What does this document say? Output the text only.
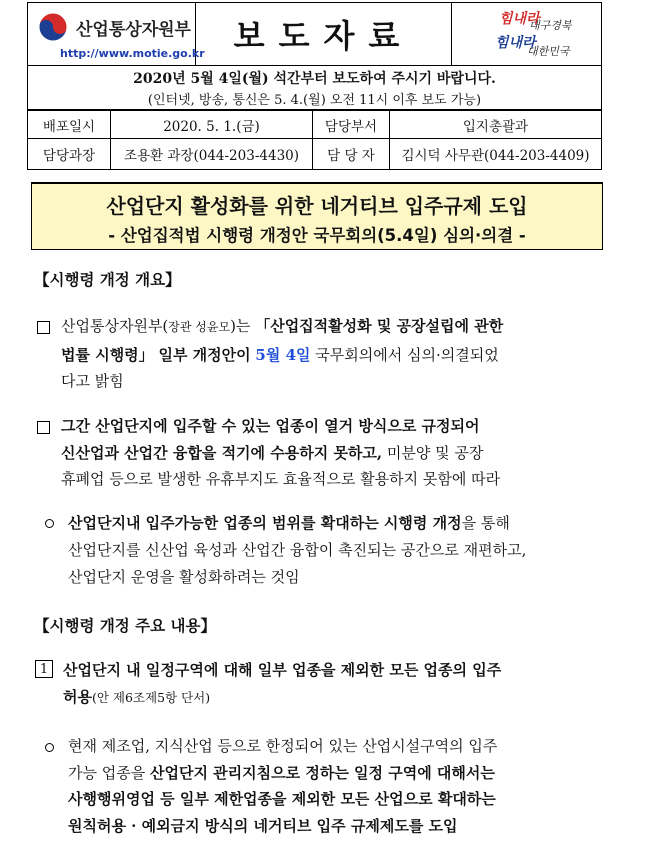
산업통상자원부
http://www.motie.go.kr 보도자료	힘내라
대구경북
힘내라
대한민국
2020년 5월 4일(월) 석간부터 보도하여 주시기 바랍니다.
(인터넷, 방송, 통신은 5. 4.(월) 오전 11시 이후 보도 가능)
배포일시	2020. 5. 1.(금)	담당부서	입지총괄과
담당과장	조용환 과장(044-203-4430)	담 당 자	김시덕 사무관(044-203-4409)
산업단지 활성화를 위한 네거티브 입주규제 도입
- 산업집적법 시행령 개정안 국무회의(5.4일) 심의·의결 -
【시행령 개정 개요】
산업통상자원부(장관 성윤모)는 「산업집적활성화 및 공장설립에 관한
법률 시행령」 일부 개정안이 5월 4일 국무회의에서 심의·의결되었
다고 밝힘
그간 산업단지에 입주할 수 있는 업종이 열거 방식으로 규정되어
신산업과 산업간 융합을 적기에 수용하지 못하고, 미분양 및 공장
휴폐업 등으로 발생한 유휴부지도 효율적으로 활용하지 못함에 따라
산업단지내 입주가능한 업종의 범위를 확대하는 시행령 개정을 통해
산업단지를 신산업 육성과 산업간 융합이 촉진되는 공간으로 재편하고,
산업단지 운영을 활성화하려는 것임
【시행령 개정 주요 내용】
1 산업단지 내 일정구역에 대해 일부 업종을 제외한 모든 업종의 입주
허용(안 제6조제5항 단서)
현재 제조업, 지식산업 등으로 한정되어 있는 산업시설구역의 입주
가능 업종을 산업단지 관리지침으로 정하는 일정 구역에 대해서는
사행행위영업 등 일부 제한업종을 제외한 모든 산업으로 확대하는
원칙허용 · 예외금지 방식의 네거티브 입주 규제제도를 도입
